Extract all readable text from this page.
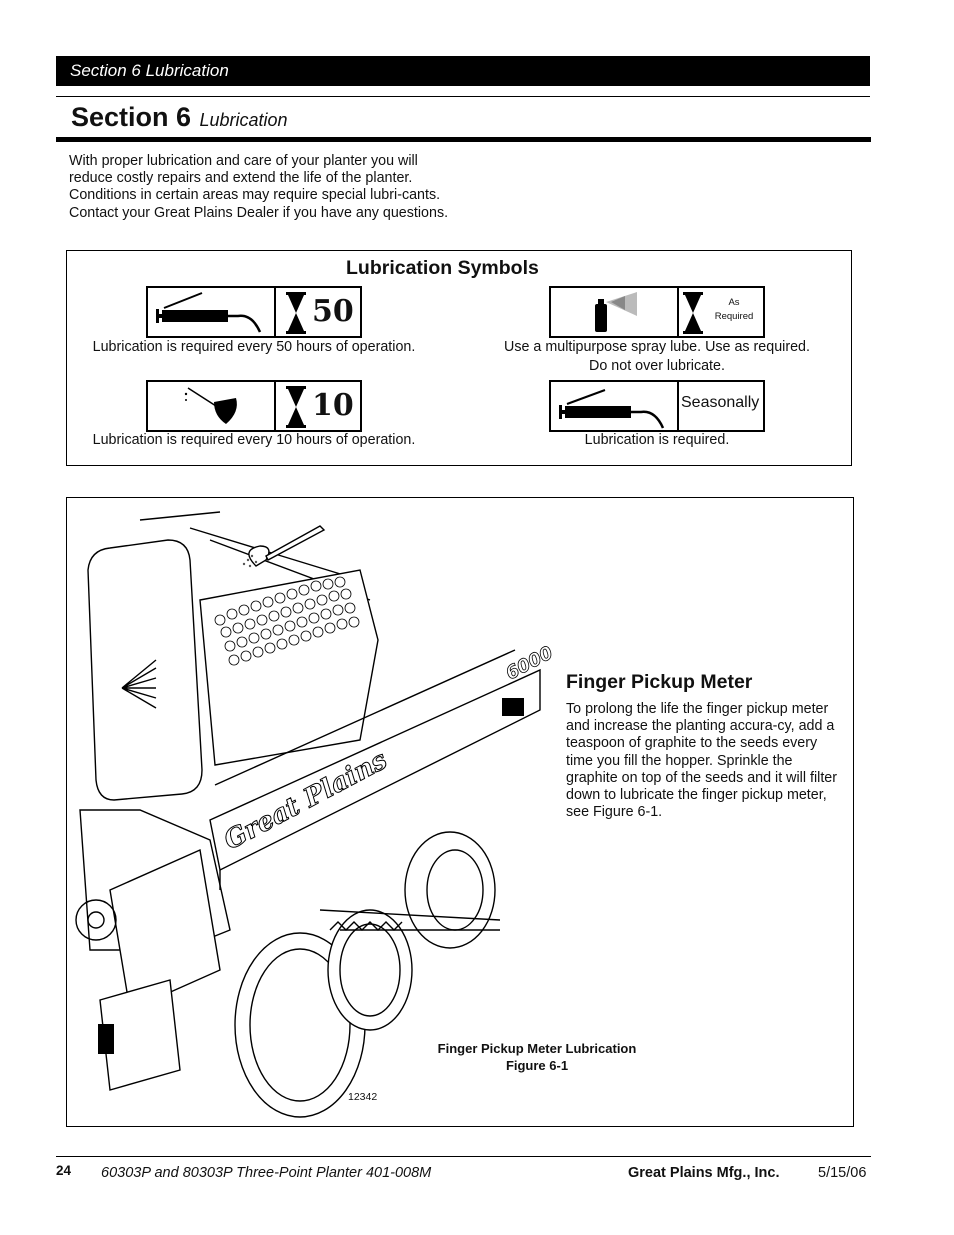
Section 6 Lubrication
Section 6 Lubrication
With proper lubrication and care of your planter you will reduce costly repairs and extend the life of the planter. Conditions in certain areas may require special lubri-cants. Contact your Great Plains Dealer if you have any questions.
Lubrication Symbols
50
Lubrication is required every 50 hours of operation.
As
Required
Use a multipurpose spray lube. Use as required.
Do not over lubricate.
10
Lubrication is required every 10 hours of operation.
Seasonally
Lubrication is required.
Great Plains
6000 Finger Pickup Meter
To prolong the life the finger pickup meter and increase the planting accura-cy, add a teaspoon of graphite to the seeds every time you fill the hopper. Sprinkle the graphite on top of the seeds and it will filter down to lubricate the finger pickup meter, see Figure 6-1.
Finger Pickup Meter Lubrication
Figure 6-1
12342
24 60303P and 80303P Three-Point Planter 401-008M	Great Plains Mfg., Inc.	5/15/06
